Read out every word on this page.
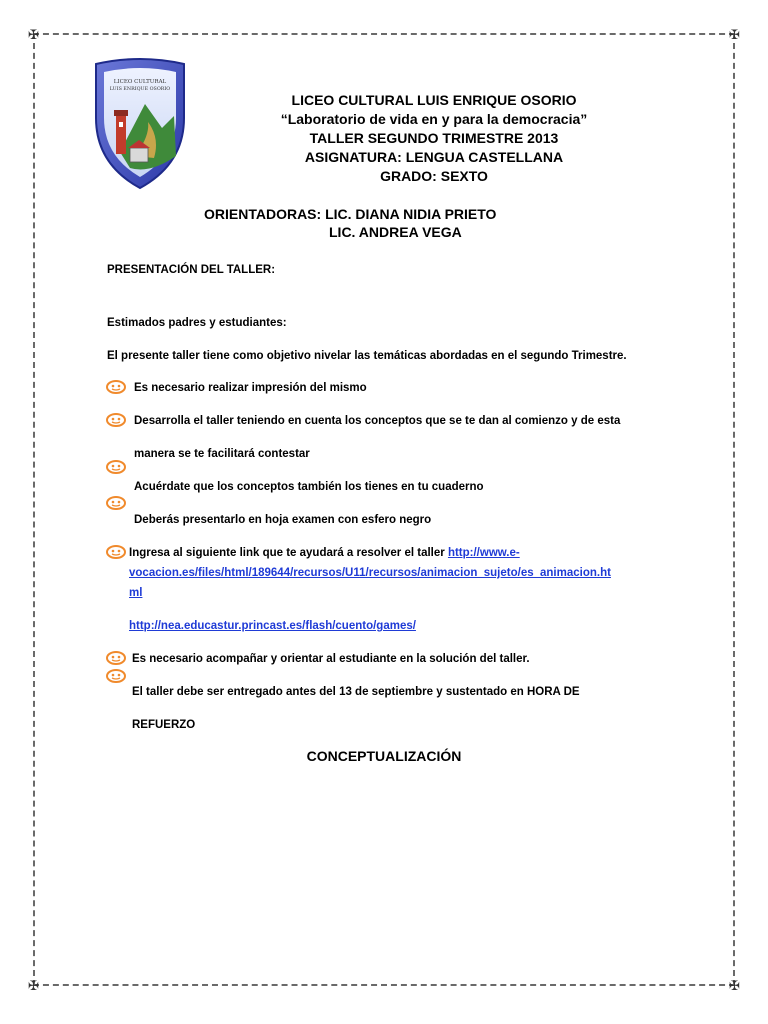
✠	✠
✠	✠
LICEO CULTURAL
LUIS ENRIQUE OSORIO
LICEO CULTURAL LUIS ENRIQUE OSORIO
“Laboratorio de vida en y para la democracia”
TALLER SEGUNDO TRIMESTRE 2013
ASIGNATURA: LENGUA CASTELLANA
GRADO: SEXTO
ORIENTADORAS: LIC. DIANA NIDIA PRIETO
LIC. ANDREA VEGA
PRESENTACIÓN DEL TALLER:
Estimados padres y estudiantes:
El presente taller tiene como objetivo nivelar las temáticas abordadas en el segundo Trimestre.
Es necesario realizar impresión del mismo
Desarrolla el taller teniendo en cuenta los conceptos que se te dan al comienzo y de esta
manera se te facilitará contestar
Acuérdate que los conceptos también los tienes en tu cuaderno
Deberás presentarlo en hoja examen con esfero negro
Ingresa al siguiente link que te ayudará a resolver el taller http://www.e-
vocacion.es/files/html/189644/recursos/U11/recursos/animacion_sujeto/es_animacion.ht
ml
http://nea.educastur.princast.es/flash/cuento/games/
Es necesario acompañar y orientar al estudiante en la solución del taller.
El taller debe ser entregado antes del 13 de septiembre y sustentado en HORA DE
REFUERZO
CONCEPTUALIZACIÓN
